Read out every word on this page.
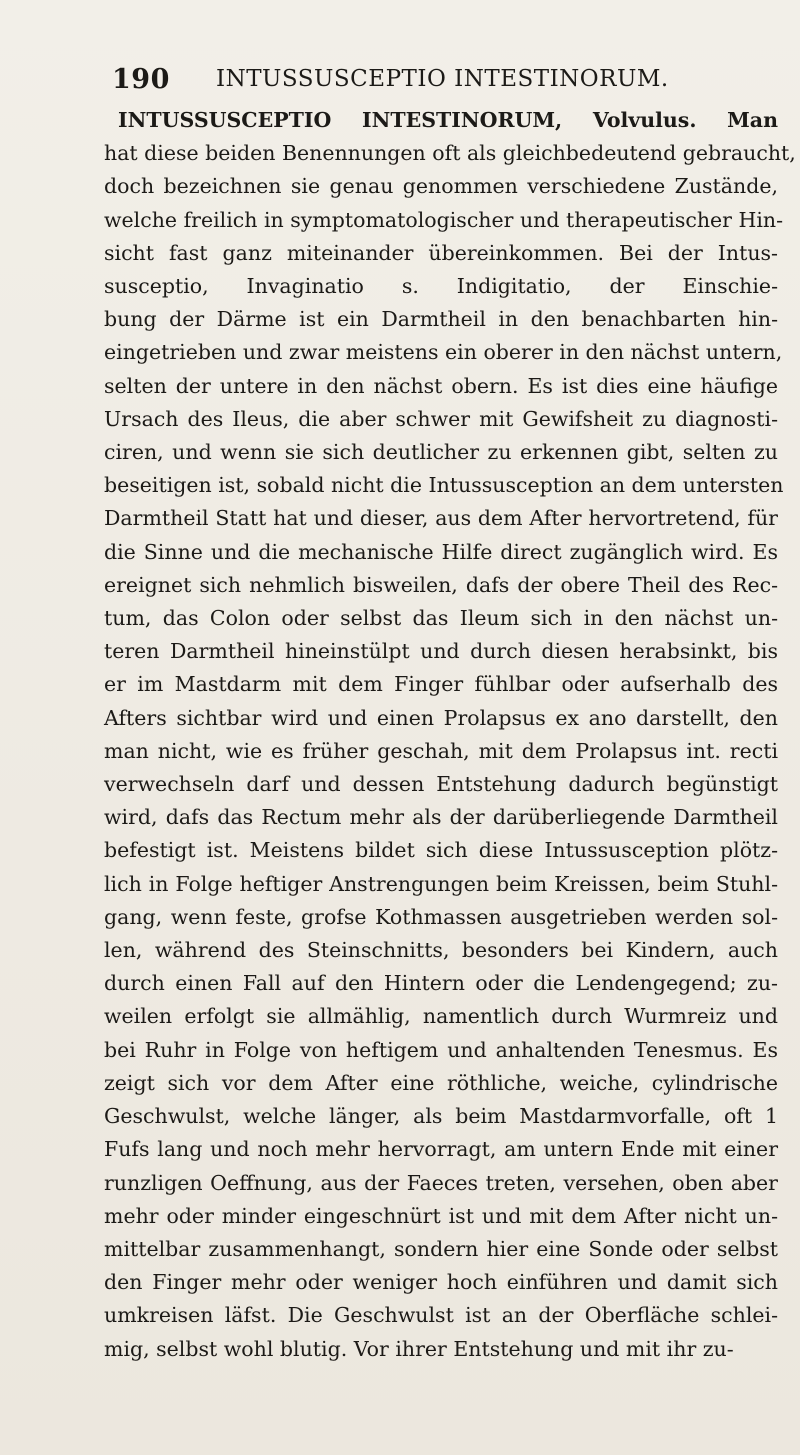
190 INTUSSUSCEPTIO INTESTINORUM.
INTUSSUSCEPTIO INTESTINORUM, Volvulus. Man
hat diese beiden Benennungen oft als gleichbedeutend gebraucht,
doch bezeichnen sie genau genommen verschiedene Zustände,
welche freilich in symptomatologischer und therapeutischer Hin-
sicht fast ganz miteinander übereinkommen. Bei der Intus-
susceptio, Invaginatio s. Indigitatio, der Einschie-
bung der Därme ist ein Darmtheil in den benachbarten hin-
eingetrieben und zwar meistens ein oberer in den nächst untern,
selten der untere in den nächst obern. Es ist dies eine häufige
Ursach des Ileus, die aber schwer mit Gewifsheit zu diagnosti-
ciren, und wenn sie sich deutlicher zu erkennen gibt, selten zu
beseitigen ist, sobald nicht die Intussusception an dem untersten
Darmtheil Statt hat und dieser, aus dem After hervortretend, für
die Sinne und die mechanische Hilfe direct zugänglich wird. Es
ereignet sich nehmlich bisweilen, dafs der obere Theil des Rec-
tum, das Colon oder selbst das Ileum sich in den nächst un-
teren Darmtheil hineinstülpt und durch diesen herabsinkt, bis
er im Mastdarm mit dem Finger fühlbar oder aufserhalb des
Afters sichtbar wird und einen Prolapsus ex ano darstellt, den
man nicht, wie es früher geschah, mit dem Prolapsus int. recti
verwechseln darf und dessen Entstehung dadurch begünstigt
wird, dafs das Rectum mehr als der darüberliegende Darmtheil
befestigt ist. Meistens bildet sich diese Intussusception plötz-
lich in Folge heftiger Anstrengungen beim Kreissen, beim Stuhl-
gang, wenn feste, grofse Kothmassen ausgetrieben werden sol-
len, während des Steinschnitts, besonders bei Kindern, auch
durch einen Fall auf den Hintern oder die Lendengegend; zu-
weilen erfolgt sie allmählig, namentlich durch Wurmreiz und
bei Ruhr in Folge von heftigem und anhaltenden Tenesmus. Es
zeigt sich vor dem After eine röthliche, weiche, cylindrische
Geschwulst, welche länger, als beim Mastdarmvorfalle, oft 1
Fufs lang und noch mehr hervorragt, am untern Ende mit einer
runzligen Oeffnung, aus der Faeces treten, versehen, oben aber
mehr oder minder eingeschnürt ist und mit dem After nicht un-
mittelbar zusammenhangt, sondern hier eine Sonde oder selbst
den Finger mehr oder weniger hoch einführen und damit sich
umkreisen läfst. Die Geschwulst ist an der Oberfläche schlei-
mig, selbst wohl blutig. Vor ihrer Entstehung und mit ihr zu-
